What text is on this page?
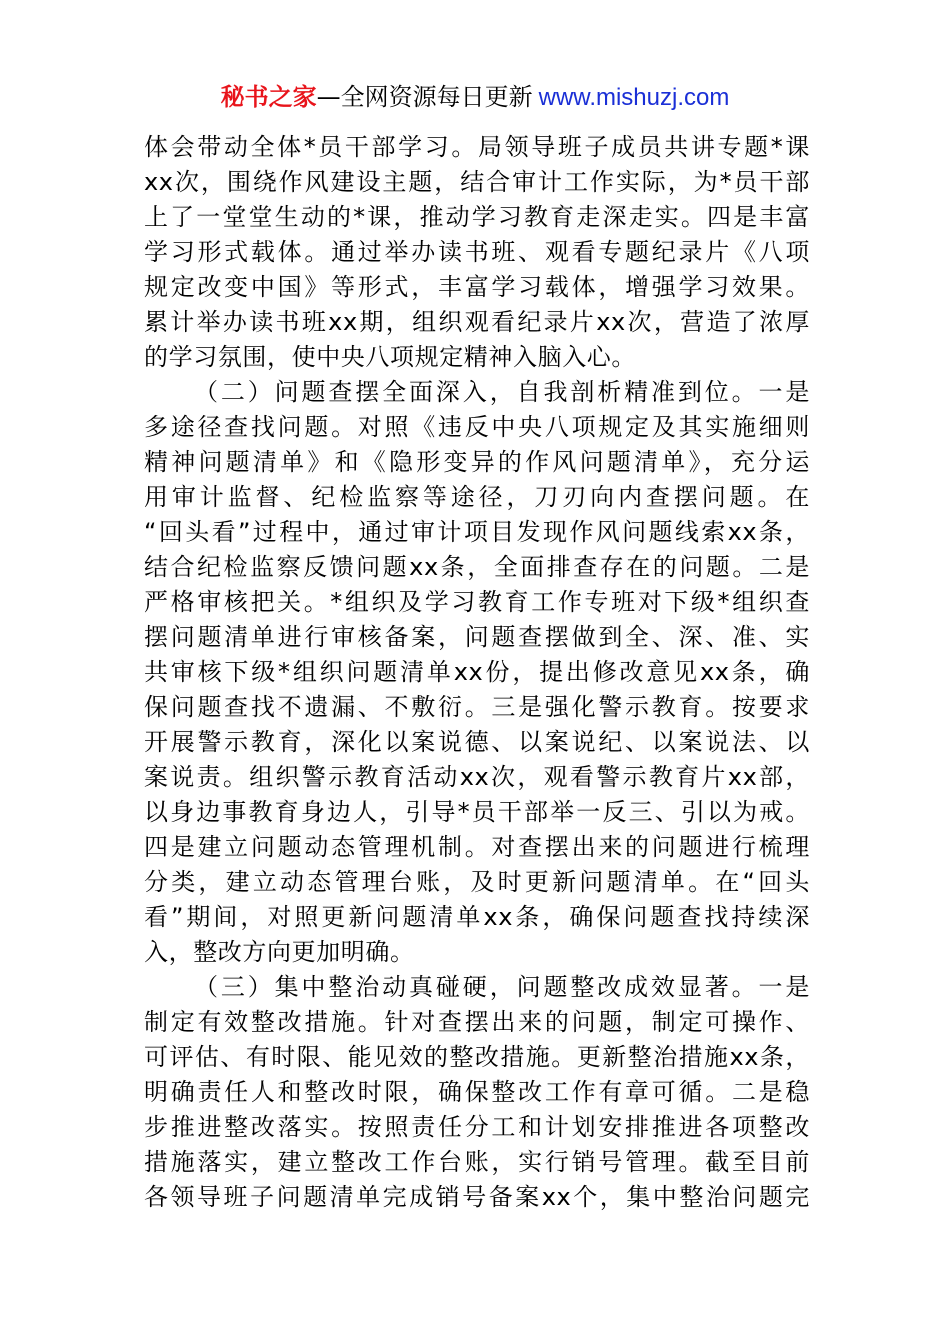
秘书之家—全网资源每日更新 www.mishuzj.com
体会带动全体*员干部学习。局领导班子成员共讲专题*课
xx次，围绕作风建设主题，结合审计工作实际，为*员干部
上了一堂堂生动的*课，推动学习教育走深走实。四是丰富
学习形式载体。通过举办读书班、观看专题纪录片《八项
规定改变中国》等形式，丰富学习载体，增强学习效果。
累计举办读书班xx期，组织观看纪录片xx次，营造了浓厚
的学习氛围，使中央八项规定精神入脑入心。
（二）问题查摆全面深入，自我剖析精准到位。一是
多途径查找问题。对照《违反中央八项规定及其实施细则
精神问题清单》和《隐形变异的作风问题清单》，充分运
用审计监督、纪检监察等途径，刀刃向内查摆问题。在
“回头看”过程中，通过审计项目发现作风问题线索xx条，
结合纪检监察反馈问题xx条，全面排查存在的问题。二是
严格审核把关。*组织及学习教育工作专班对下级*组织查
摆问题清单进行审核备案，问题查摆做到全、深、准、实
共审核下级*组织问题清单xx份，提出修改意见xx条，确
保问题查找不遗漏、不敷衍。三是强化警示教育。按要求
开展警示教育，深化以案说德、以案说纪、以案说法、以
案说责。组织警示教育活动xx次，观看警示教育片xx部，
以身边事教育身边人，引导*员干部举一反三、引以为戒。
四是建立问题动态管理机制。对查摆出来的问题进行梳理
分类，建立动态管理台账，及时更新问题清单。在“回头
看”期间，对照更新问题清单xx条，确保问题查找持续深
入，整改方向更加明确。
（三）集中整治动真碰硬，问题整改成效显著。一是
制定有效整改措施。针对查摆出来的问题，制定可操作、
可评估、有时限、能见效的整改措施。更新整治措施xx条，
明确责任人和整改时限，确保整改工作有章可循。二是稳
步推进整改落实。按照责任分工和计划安排推进各项整改
措施落实，建立整改工作台账，实行销号管理。截至目前
各领导班子问题清单完成销号备案xx个，集中整治问题完
